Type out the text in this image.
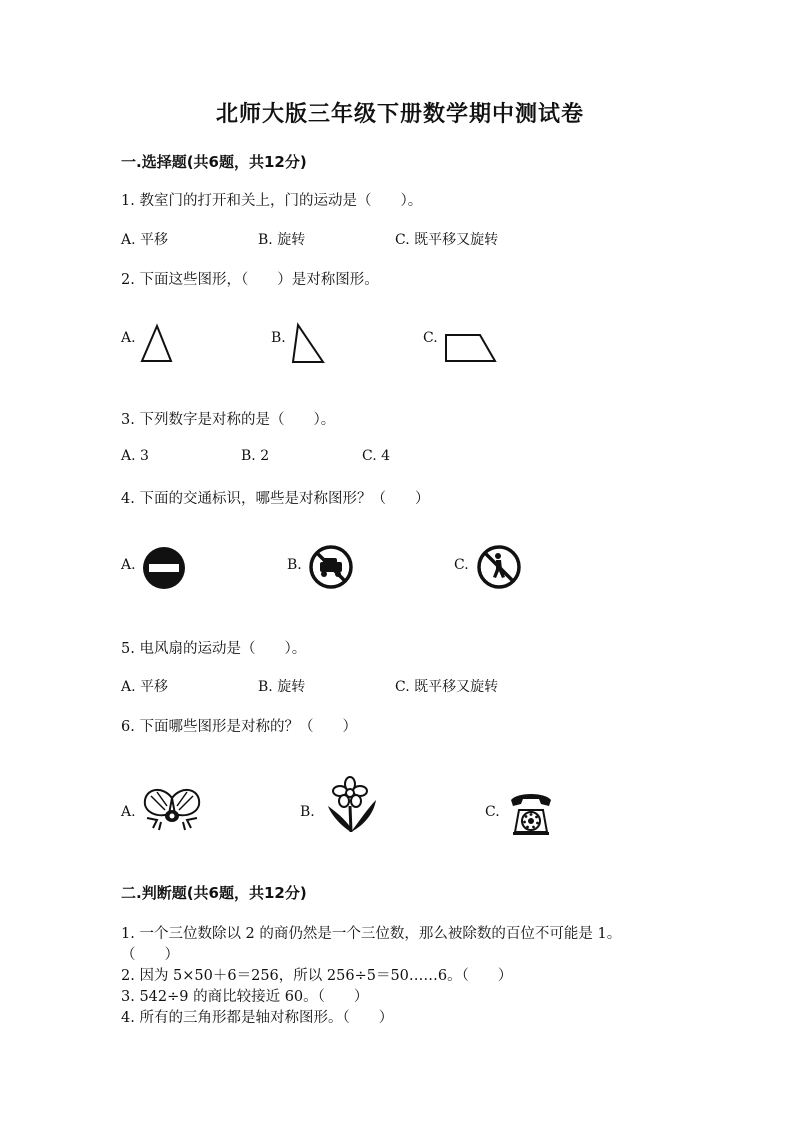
北师大版三年级下册数学期中测试卷
一.选择题(共6题，共12分)
1. 教室门的打开和关上，门的运动是（　　）。
A. 平移	B. 旋转	C. 既平移又旋转
2. 下面这些图形，（　　）是对称图形。
A.	B.	C.
3. 下列数字是对称的是（　　）。
A. 3	B. 2	C. 4
4. 下面的交通标识，哪些是对称图形？（　　）
A.	B.	C.
5. 电风扇的运动是（　　）。
A. 平移	B. 旋转	C. 既平移又旋转
6. 下面哪些图形是对称的？（　　）
A.	B.	C.
二.判断题(共6题，共12分)
1. 一个三位数除以 2 的商仍然是一个三位数，那么被除数的百位不可能是 1。
（　　）
2. 因为 5×50＋6＝256，所以 256÷5＝50……6。（　　）
3. 542÷9 的商比较接近 60。（　　）
4. 所有的三角形都是轴对称图形。（　　）
